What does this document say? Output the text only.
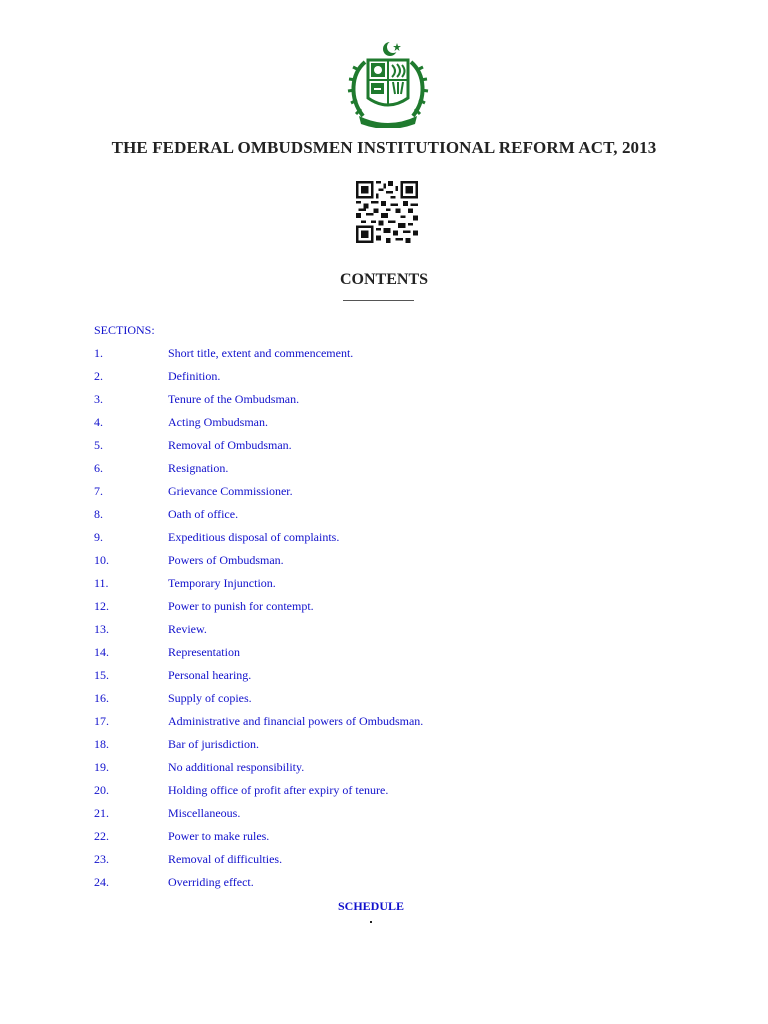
THE FEDERAL OMBUDSMEN INSTITUTIONAL REFORM ACT, 2013
CONTENTS
SECTIONS:
1.	Short title, extent and commencement.
2.	Definition.
3.	Tenure of the Ombudsman.
4.	Acting Ombudsman.
5.	Removal of Ombudsman.
6.	Resignation.
7.	Grievance Commissioner.
8.	Oath of office.
9.	Expeditious disposal of complaints.
10.	Powers of Ombudsman.
11.	Temporary Injunction.
12.	Power to punish for contempt.
13.	Review.
14.	Representation
15.	Personal hearing.
16.	Supply of copies.
17.	Administrative and financial powers of Ombudsman.
18.	Bar of jurisdiction.
19.	No additional responsibility.
20.	Holding office of profit after expiry of tenure.
21.	Miscellaneous.
22.	Power to make rules.
23.	Removal of difficulties.
24.	Overriding effect.
SCHEDULE
